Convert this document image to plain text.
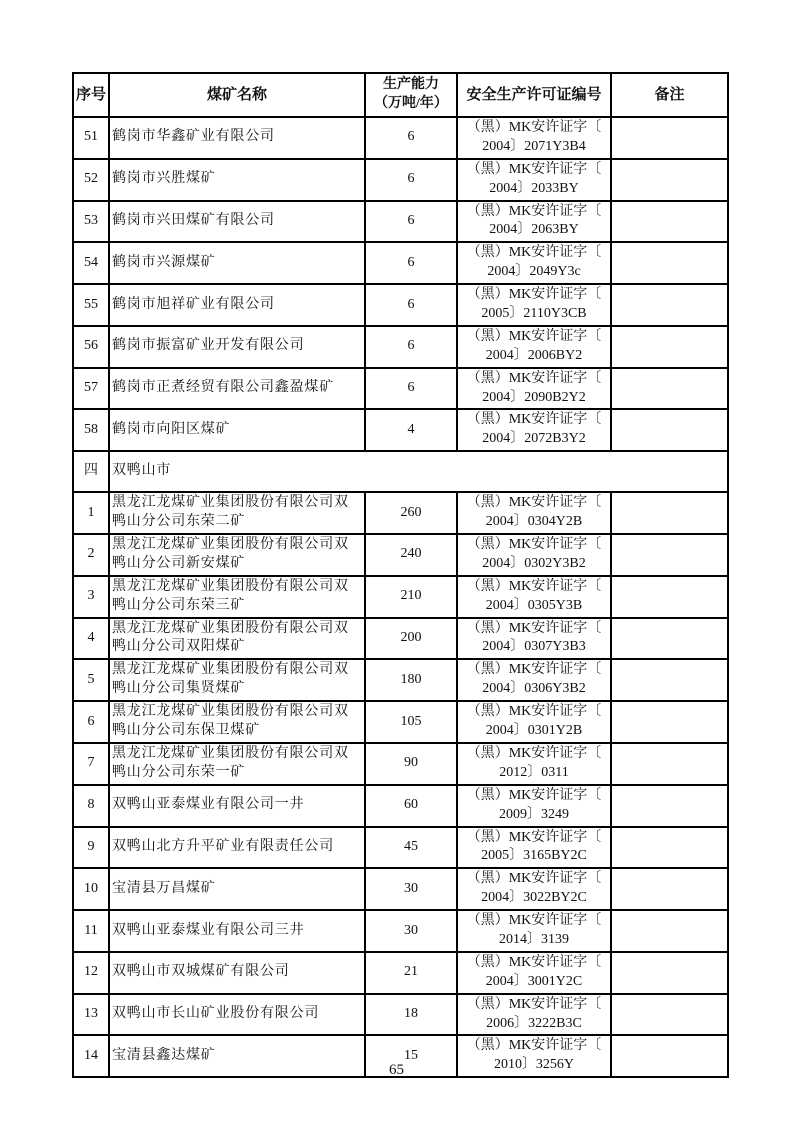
序号	煤矿名称	生产能力
（万吨/年）	安全生产许可证编号	备注
51	鹤岗市华鑫矿业有限公司	6	（黑）MK安许证字〔
2004〕2071Y3B4	

52	鹤岗市兴胜煤矿	6	（黑）MK安许证字〔
2004〕2033BY	

53	鹤岗市兴田煤矿有限公司	6	（黑）MK安许证字〔
2004〕2063BY	

54	鹤岗市兴源煤矿	6	（黑）MK安许证字〔
2004〕2049Y3c	

55	鹤岗市旭祥矿业有限公司	6	（黑）MK安许证字〔
2005〕2110Y3CB	

56	鹤岗市振富矿业开发有限公司	6	（黑）MK安许证字〔
2004〕2006BY2	

57	鹤岗市正煮经贸有限公司鑫盈煤矿	6	（黑）MK安许证字〔
2004〕2090B2Y2	

58	鹤岗市向阳区煤矿	4	（黑）MK安许证字〔
2004〕2072B3Y2	

四	双鸭山市			
1	黑龙江龙煤矿业集团股份有限公司双鸭山分公司东荣二矿	260	（黑）MK安许证字〔
2004〕0304Y2B	

2	黑龙江龙煤矿业集团股份有限公司双鸭山分公司新安煤矿	240	（黑）MK安许证字〔
2004〕0302Y3B2	

3	黑龙江龙煤矿业集团股份有限公司双鸭山分公司东荣三矿	210	（黑）MK安许证字〔
2004〕0305Y3B	

4	黑龙江龙煤矿业集团股份有限公司双鸭山分公司双阳煤矿	200	（黑）MK安许证字〔
2004〕0307Y3B3	

5	黑龙江龙煤矿业集团股份有限公司双鸭山分公司集贤煤矿	180	（黑）MK安许证字〔
2004〕0306Y3B2	

6	黑龙江龙煤矿业集团股份有限公司双鸭山分公司东保卫煤矿	105	（黑）MK安许证字〔
2004〕0301Y2B	

7	黑龙江龙煤矿业集团股份有限公司双鸭山分公司东荣一矿	90	（黑）MK安许证字〔
2012〕0311	

8	双鸭山亚泰煤业有限公司一井	60	（黑）MK安许证字〔
2009〕3249	

9	双鸭山北方升平矿业有限责任公司	45	（黑）MK安许证字〔
2005〕3165BY2C	

10	宝清县万昌煤矿	30	（黑）MK安许证字〔
2004〕3022BY2C	

11	双鸭山亚泰煤业有限公司三井	30	（黑）MK安许证字〔
2014〕3139	

12	双鸭山市双城煤矿有限公司	21	（黑）MK安许证字〔
2004〕3001Y2C	

13	双鸭山市长山矿业股份有限公司	18	（黑）MK安许证字〔
2006〕3222B3C	

14	宝清县鑫达煤矿	15	（黑）MK安许证字〔
2010〕3256Y	

65
